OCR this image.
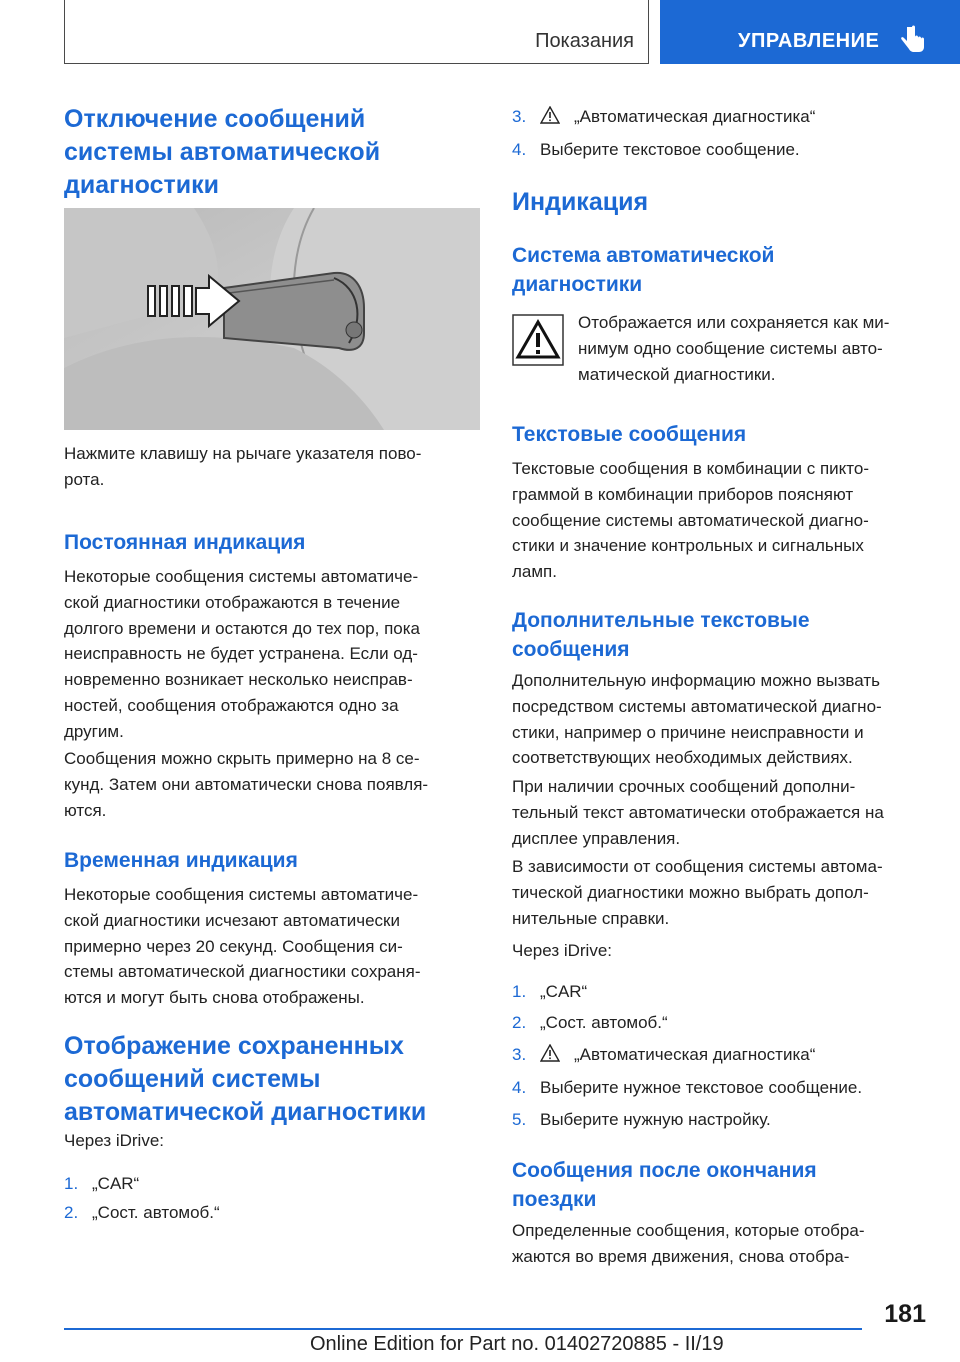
Показания	УПРАВЛЕНИЕ
Отключение сообщений
системы автоматической
диагностики
Нажмите клавишу на рычаге указателя пово-
рота.
Постоянная индикация
Некоторые сообщения системы автоматиче-
ской диагностики отображаются в течение
долгого времени и остаются до тех пор, пока
неисправность не будет устранена. Если од-
новременно возникает несколько неисправ-
ностей, сообщения отображаются одно за
другим.
Сообщения можно скрыть примерно на 8 се-
кунд. Затем они автоматически снова появля-
ются.
Временная индикация
Некоторые сообщения системы автоматиче-
ской диагностики исчезают автоматически
примерно через 20 секунд. Сообщения си-
стемы автоматической диагностики сохраня-
ются и могут быть снова отображены.
Отображение сохраненных
сообщений системы
автоматической диагностики
Через iDrive:
1. „CAR“
2. „Сост. автомоб.“
3.	„Автоматическая диагностика“
4. Выберите текстовое сообщение.
Индикация
Система автоматической
диагностики
Отображается или сохраняется как ми-
нимум одно сообщение системы авто-
матической диагностики.
Текстовые сообщения
Текстовые сообщения в комбинации с пикто-
граммой в комбинации приборов поясняют
сообщение системы автоматической диагно-
стики и значение контрольных и сигнальных
ламп.
Дополнительные текстовые
сообщения
Дополнительную информацию можно вызвать
посредством системы автоматической диагно-
стики, например о причине неисправности и
соответствующих необходимых действиях.
При наличии срочных сообщений дополни-
тельный текст автоматически отображается на
дисплее управления.
В зависимости от сообщения системы автома-
тической диагностики можно выбрать допол-
нительные справки.
Через iDrive:
1. „CAR“
2. „Сост. автомоб.“
3.	„Автоматическая диагностика“
4. Выберите нужное текстовое сообщение.
5. Выберите нужную настройку.
Сообщения после окончания
поездки
Определенные сообщения, которые отобра-
жаются во время движения, снова отобра-
181
Online Edition for Part no. 01402720885 - II/19
